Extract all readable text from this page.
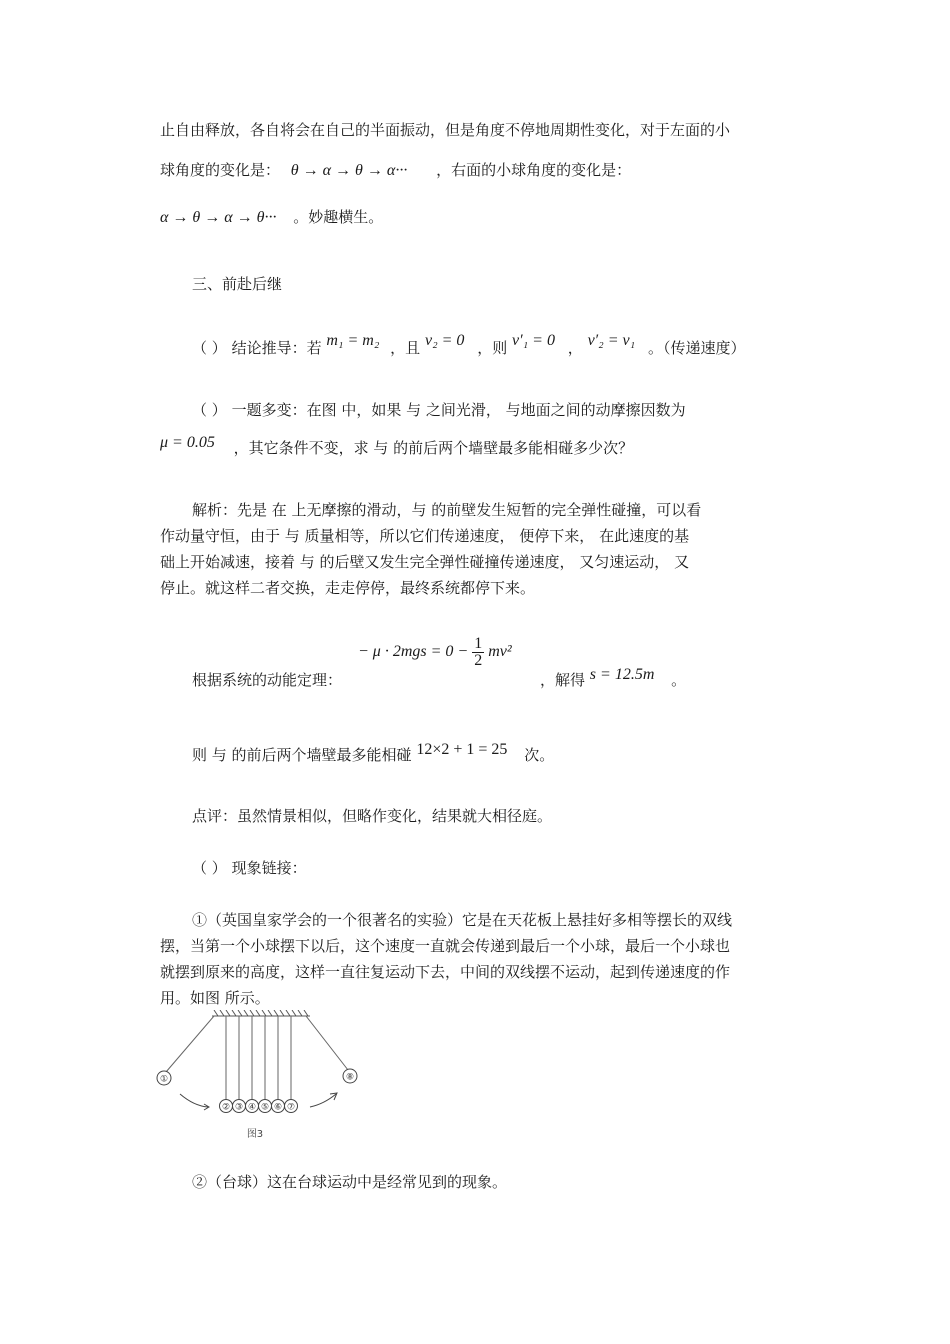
止自由释放，各自将会在自己的半面振动，但是角度不停地周期性变化，对于左面的小
球角度的变化是： θ → α → θ → α··· ，右面的小球角度的变化是：
α → θ → α → θ··· 。妙趣横生。
三、前赴后继
（ ） 结论推导：若 m₁ = m₂ ，且 v₂ = 0 ，则 v′₁ = 0 ， v′₂ = v₁ 。（传递速度）
（ ） 一题多变：在图 中，如果 与 之间光滑， 与地面之间的动摩擦因数为
μ = 0.05 ，其它条件不变，求 与 的前后两个墙壁最多能相碰多少次？
解析：先是 在 上无摩擦的滑动，与 的前壁发生短暂的完全弹性碰撞，可以看
作动量守恒，由于 与 质量相等，所以它们传递速度， 便停下来， 在此速度的基
础上开始减速，接着 与 的后壁又发生完全弹性碰撞传递速度， 又匀速运动， 又
停止。就这样二者交换，走走停停，最终系统都停下来。
根据系统的动能定理：
− $\mu \cdot 2mgs = 0 - \frac{1}{2} mv^2$
，解得 s = 12.5m 。
则 与 的前后两个墙壁最多能相碰 12×2 + 1 = 25 次。
点评：虽然情景相似，但略作变化，结果就大相径庭。
（ ） 现象链接：
①（英国皇家学会的一个很著名的实验）它是在天花板上悬挂好多相等摆长的双线
摆，当第一个小球摆下以后，这个速度一直就会传递到最后一个小球，最后一个小球也
就摆到原来的高度，这样一直往复运动下去，中间的双线摆不运动，起到传递速度的作
用。如图 所示。
①
② ③ ④ ⑤ ⑥ ⑦
⑧
图3
②（台球）这在台球运动中是经常见到的现象。
